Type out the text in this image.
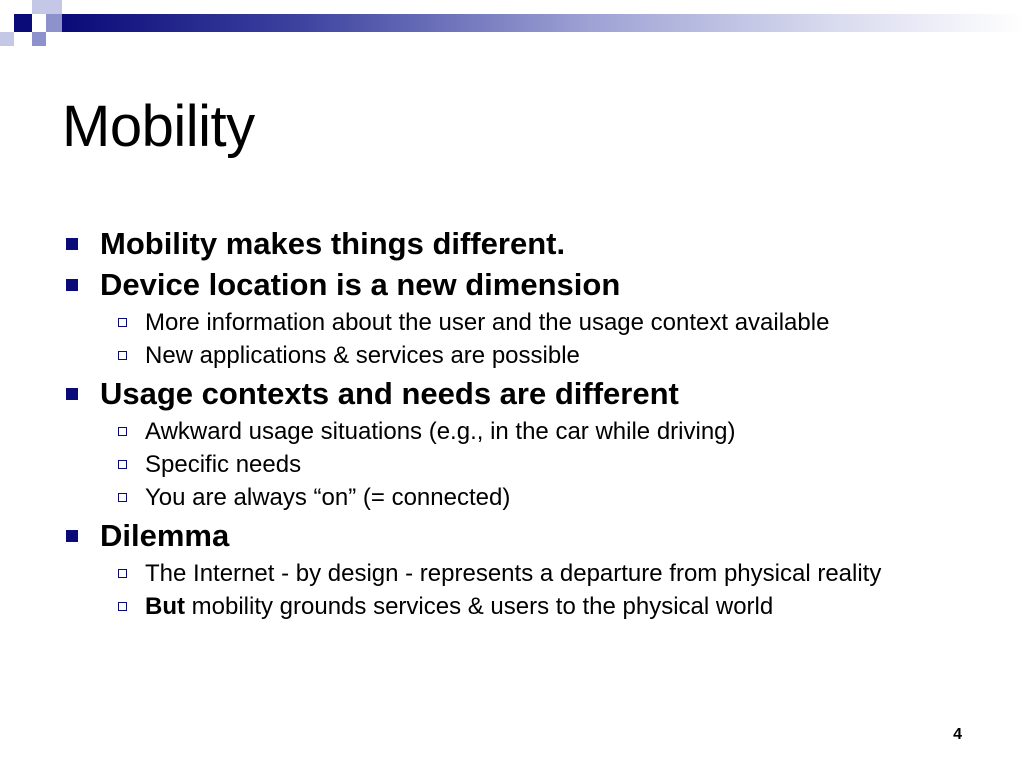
Mobility
Mobility makes things different.
Device location is a new dimension
More information about the user and the usage context available
New applications & services are possible
Usage contexts and needs are different
Awkward usage situations (e.g., in the car while driving)
Specific needs
You are always “on” (= connected)
Dilemma
The Internet - by design - represents a departure from physical reality
But mobility grounds services & users to the physical world
4
